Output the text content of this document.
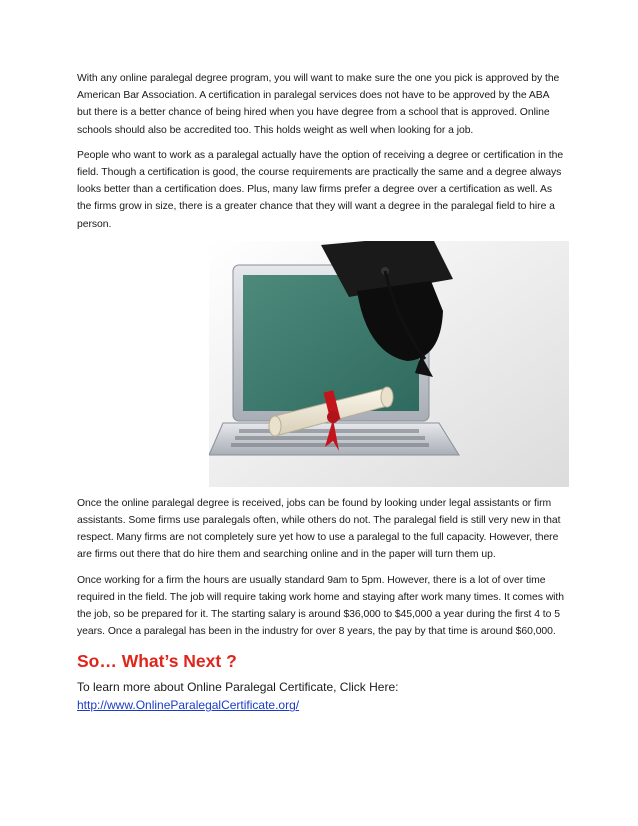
With any online paralegal degree program, you will want to make sure the one you pick is approved by the American Bar Association. A certification in paralegal services does not have to be approved by the ABA but there is a better chance of being hired when you have degree from a school that is approved. Online schools should also be accredited too. This holds weight as well when looking for a job.

People who want to work as a paralegal actually have the option of receiving a degree or certification in the field. Though a certification is good, the course requirements are practically the same and a degree always looks better than a certification does. Plus, many law firms prefer a degree over a certification as well. As the firms grow in size, there is a greater chance that they will want a degree in the paralegal field to hire a person.

Once the online paralegal degree is received, jobs can be found by looking under legal assistants or firm assistants. Some firms use paralegals often, while others do not. The paralegal field is still very new in that respect. Many firms are not completely sure yet how to use a paralegal to the full capacity. However, there are firms out there that do hire them and searching online and in the paper will turn them up.

Once working for a firm the hours are usually standard 9am to 5pm. However, there is a lot of over time required in the field. The job will require taking work home and staying after work many times. It comes with the job, so be prepared for it. The starting salary is around $36,000 to $45,000 a year during the first 4 to 5 years. Once a paralegal has been in the industry for over 8 years, the pay by that time is around $60,000.

So… What’s Next ?
To learn more about Online Paralegal Certificate, Click Here:
http://www.OnlineParalegalCertificate.org/
